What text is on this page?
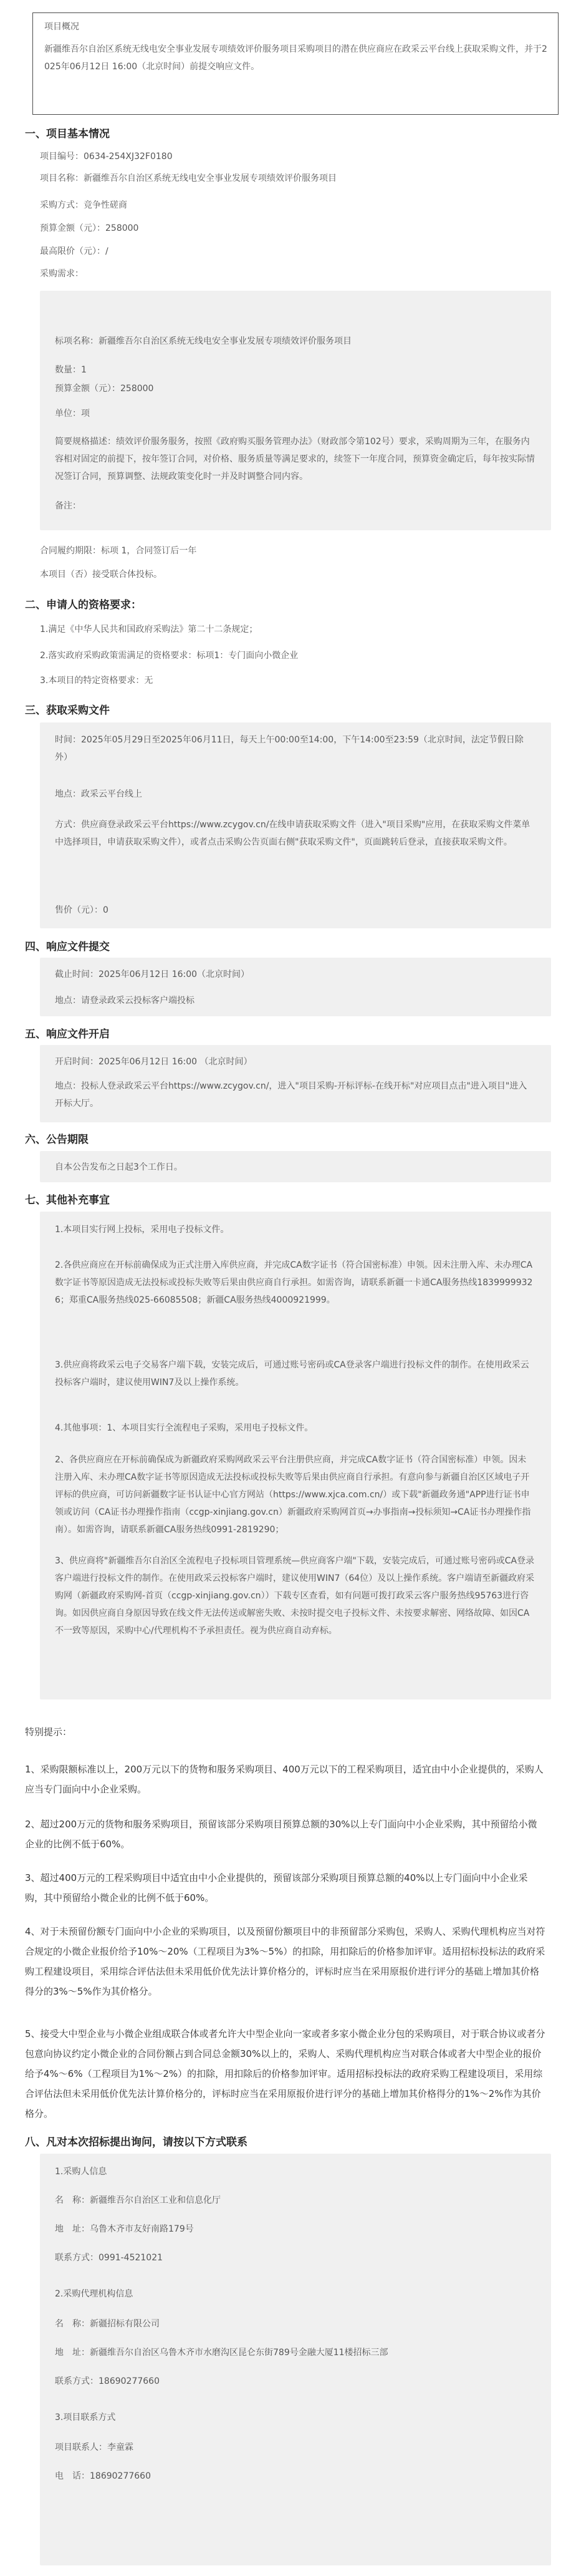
项目概况
新疆维吾尔自治区系统无线电安全事业发展专项绩效评价服务项目采购项目的潜在供应商应在政采云平台线上获取采购文件，并于2025年06月12日 16:00（北京时间）前提交响应文件。
一、项目基本情况
项目编号：0634-254XJ32F0180
项目名称：新疆维吾尔自治区系统无线电安全事业发展专项绩效评价服务项目
采购方式：竞争性磋商
预算金额（元）：258000
最高限价（元）：/
采购需求：
标项名称：新疆维吾尔自治区系统无线电安全事业发展专项绩效评价服务项目
数量：1
预算金额（元）：258000
单位：项
简要规格描述：绩效评价服务服务，按照《政府购买服务管理办法》（财政部令第102号）要求，采购周期为三年，在服务内容相对固定的前提下，按年签订合同，对价格、服务质量等满足要求的，续签下一年度合同，预算资金确定后，每年按实际情况签订合同，预算调整、法规政策变化时一并及时调整合同内容。
备注：
合同履约期限：标项 1，合同签订后一年
本项目（否）接受联合体投标。
二、申请人的资格要求：
1.满足《中华人民共和国政府采购法》第二十二条规定；
2.落实政府采购政策需满足的资格要求：标项1：专门面向小微企业
3.本项目的特定资格要求：无
三、获取采购文件
时间：2025年05月29日至2025年06月11日，每天上午00:00至14:00，下午14:00至23:59（北京时间，法定节假日除外）
地点：政采云平台线上
方式：供应商登录政采云平台https://www.zcygov.cn/在线申请获取采购文件（进入"项目采购"应用，在获取采购文件菜单中选择项目，申请获取采购文件），或者点击采购公告页面右侧"获取采购文件"，页面跳转后登录，直接获取采购文件。
售价（元）：0
四、响应文件提交
截止时间：2025年06月12日 16:00（北京时间）
地点：请登录政采云投标客户端投标
五、响应文件开启
开启时间：2025年06月12日 16:00 （北京时间）
地点：投标人登录政采云平台https://www.zcygov.cn/，进入"项目采购-开标评标-在线开标"对应项目点击"进入项目"进入开标大厅。
六、公告期限
自本公告发布之日起3个工作日。
七、其他补充事宜
1.本项目实行网上投标，采用电子投标文件。
2.各供应商应在开标前确保成为正式注册入库供应商，并完成CA数字证书（符合国密标准）申领。因未注册入库、未办理CA数字证书等原因造成无法投标或投标失败等后果由供应商自行承担。如需咨询，请联系新疆一卡通CA服务热线18399999326；郑重CA服务热线025-66085508；新疆CA服务热线4000921999。
3.供应商将政采云电子交易客户端下载，安装完成后，可通过账号密码或CA登录客户端进行投标文件的制作。在使用政采云投标客户端时，建议使用WIN7及以上操作系统。
4.其他事项：1、本项目实行全流程电子采购，采用电子投标文件。
2、各供应商应在开标前确保成为新疆政府采购网政采云平台注册供应商，并完成CA数字证书（符合国密标准）申领。因未注册入库、未办理CA数字证书等原因造成无法投标或投标失败等后果由供应商自行承担。有意向参与新疆自治区区域电子开评标的供应商，可访问新疆数字证书认证中心官方网站（https://www.xjca.com.cn/）或下载"新疆政务通"APP进行证书申领或访问（CA证书办理操作指南（ccgp-xinjiang.gov.cn）新疆政府采购网首页→办事指南→投标须知→CA证书办理操作指南）。如需咨询，请联系新疆CA服务热线0991-2819290；
3、供应商将"新疆维吾尔自治区全流程电子投标项目管理系统—供应商客户端"下载，安装完成后，可通过账号密码或CA登录客户端进行投标文件的制作。在使用政采云投标客户端时，建议使用WIN7（64位）及以上操作系统。客户端请至新疆政府采购网（新疆政府采购网-首页（ccgp-xinjiang.gov.cn））下载专区查看，如有问题可拨打政采云客户服务热线95763进行咨询。如因供应商自身原因导致在线文件无法传送或解密失败、未按时提交电子投标文件、未按要求解密、网络故障、如因CA不一致等原因，采购中心/代理机构不予承担责任。视为供应商自动弃标。
特别提示：
1、采购限额标准以上，200万元以下的货物和服务采购项目、400万元以下的工程采购项目，适宜由中小企业提供的，采购人应当专门面向中小企业采购。
2、超过200万元的货物和服务采购项目，预留该部分采购项目预算总额的30%以上专门面向中小企业采购，其中预留给小微企业的比例不低于60%。
3、超过400万元的工程采购项目中适宜由中小企业提供的，预留该部分采购项目预算总额的40%以上专门面向中小企业采购，其中预留给小微企业的比例不低于60%。
4、对于未预留份额专门面向中小企业的采购项目，以及预留份额项目中的非预留部分采购包，采购人、采购代理机构应当对符合规定的小微企业报价给予10%～20%（工程项目为3%～5%）的扣除，用扣除后的价格参加评审。适用招标投标法的政府采购工程建设项目，采用综合评估法但未采用低价优先法计算价格分的，评标时应当在采用原报价进行评分的基础上增加其价格得分的3%～5%作为其价格分。
5、接受大中型企业与小微企业组成联合体或者允许大中型企业向一家或者多家小微企业分包的采购项目，对于联合协议或者分包意向协议约定小微企业的合同份额占到合同总金额30%以上的，采购人、采购代理机构应当对联合体或者大中型企业的报价给予4%～6%（工程项目为1%～2%）的扣除，用扣除后的价格参加评审。适用招标投标法的政府采购工程建设项目，采用综合评估法但未采用低价优先法计算价格分的，评标时应当在采用原报价进行评分的基础上增加其价格得分的1%～2%作为其价格分。
八、凡对本次招标提出询问，请按以下方式联系
1.采购人信息
名　称：新疆维吾尔自治区工业和信息化厅
地　址：乌鲁木齐市友好南路179号
联系方式：0991-4521021
2.采购代理机构信息
名　称：新疆招标有限公司
地　址：新疆维吾尔自治区乌鲁木齐市水磨沟区昆仑东街789号金融大厦11楼招标三部
联系方式：18690277660
3.项目联系方式
项目联系人：李童霖
电　话：18690277660
